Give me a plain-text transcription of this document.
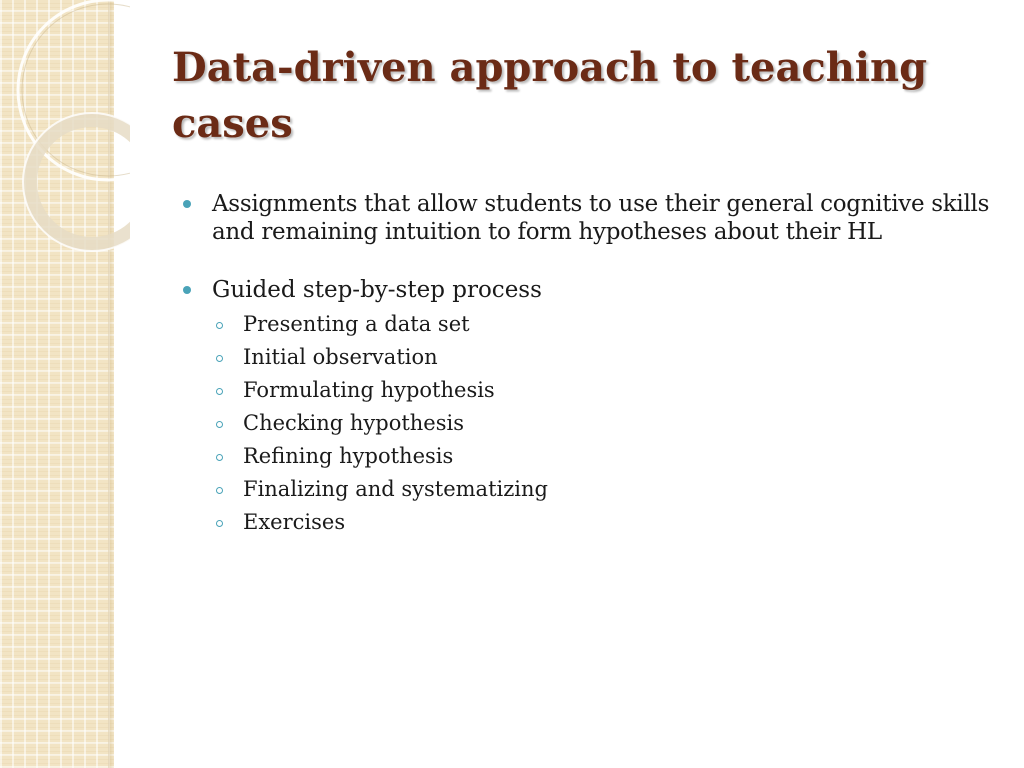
Data-driven approach to teaching cases
Assignments that allow students to use their general cognitive skills and remaining intuition to form hypotheses about their HL
Guided step-by-step process
Presenting a data set
Initial observation
Formulating hypothesis
Checking hypothesis
Refining hypothesis
Finalizing and systematizing
Exercises
